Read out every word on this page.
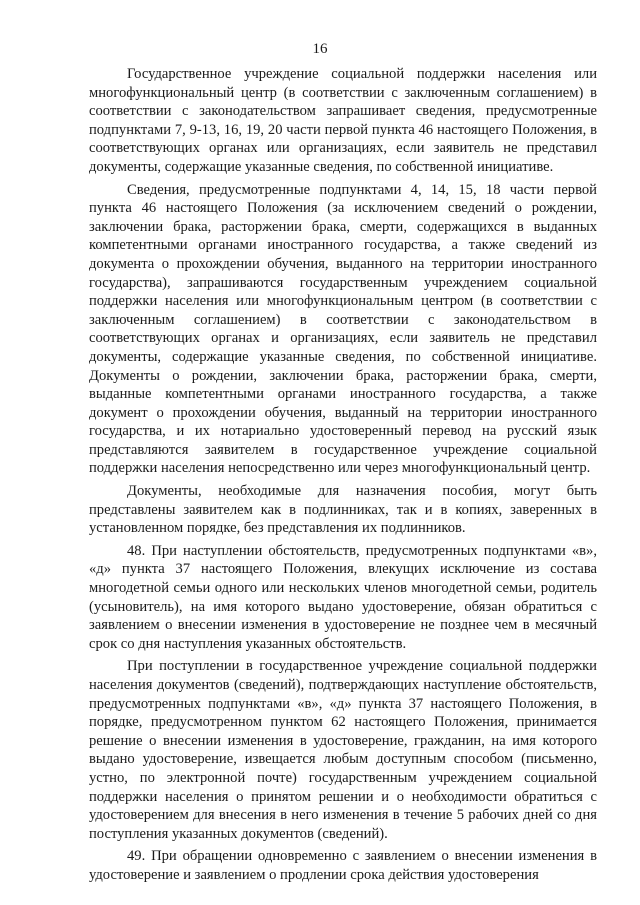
16

Государственное учреждение социальной поддержки населения или многофункциональный центр (в соответствии с заключенным соглашением) в соответствии с законодательством запрашивает сведения, предусмотренные подпунктами 7, 9-13, 16, 19, 20 части первой пункта 46 настоящего Положения, в соответствующих органах или организациях, если заявитель не представил документы, содержащие указанные сведения, по собственной инициативе.

Сведения, предусмотренные подпунктами 4, 14, 15, 18 части первой пункта 46 настоящего Положения (за исключением сведений о рождении, заключении брака, расторжении брака, смерти, содержащихся в выданных компетентными органами иностранного государства, а также сведений из документа о прохождении обучения, выданного на территории иностранного государства), запрашиваются государственным учреждением социальной поддержки населения или многофункциональным центром (в соответствии с заключенным соглашением) в соответствии с законодательством в соответствующих органах и организациях, если заявитель не представил документы, содержащие указанные сведения, по собственной инициативе. Документы о рождении, заключении брака, расторжении брака, смерти, выданные компетентными органами иностранного государства, а также документ о прохождении обучения, выданный на территории иностранного государства, и их нотариально удостоверенный перевод на русский язык представляются заявителем в государственное учреждение социальной поддержки населения непосредственно или через многофункциональный центр.

Документы, необходимые для назначения пособия, могут быть представлены заявителем как в подлинниках, так и в копиях, заверенных в установленном порядке, без представления их подлинников.

48. При наступлении обстоятельств, предусмотренных подпунктами «в», «д» пункта 37 настоящего Положения, влекущих исключение из состава многодетной семьи одного или нескольких членов многодетной семьи, родитель (усыновитель), на имя которого выдано удостоверение, обязан обратиться с заявлением о внесении изменения в удостоверение не позднее чем в месячный срок со дня наступления указанных обстоятельств.

При поступлении в государственное учреждение социальной поддержки населения документов (сведений), подтверждающих наступление обстоятельств, предусмотренных подпунктами «в», «д» пункта 37 настоящего Положения, в порядке, предусмотренном пунктом 62 настоящего Положения, принимается решение о внесении изменения в удостоверение, гражданин, на имя которого выдано удостоверение, извещается любым доступным способом (письменно, устно, по электронной почте) государственным учреждением социальной поддержки населения о принятом решении и о необходимости обратиться с удостоверением для внесения в него изменения в течение 5 рабочих дней со дня поступления указанных документов (сведений).

49. При обращении одновременно с заявлением о внесении изменения в удостоверение и заявлением о продлении срока действия удостоверения
